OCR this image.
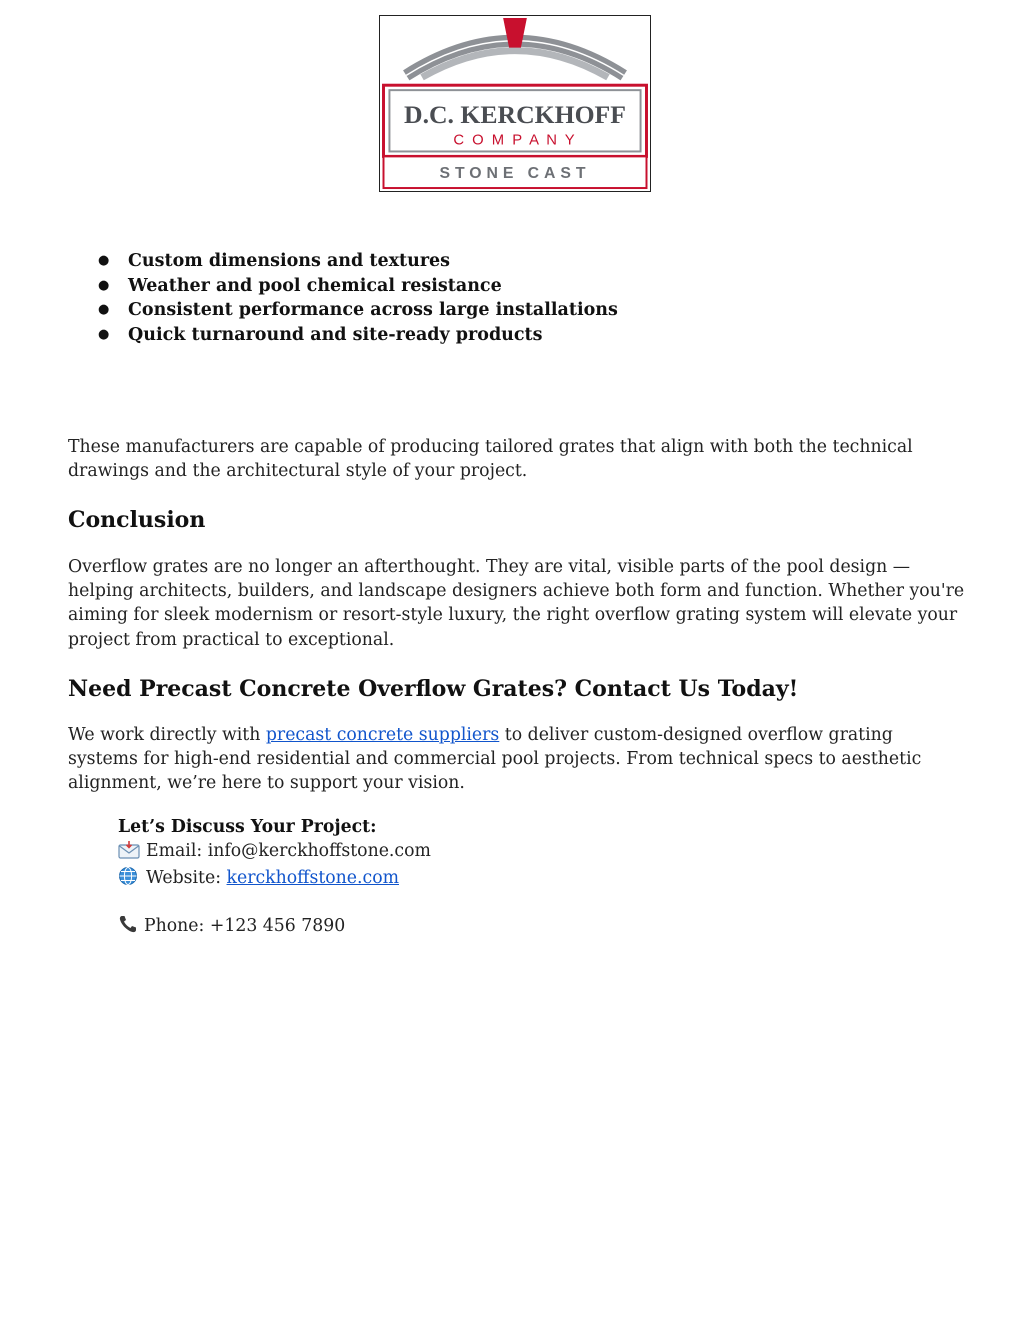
D.C. KERCKHOFF
C O M P A N Y
STONE CAST
● Custom dimensions and textures
● Weather and pool chemical resistance
● Consistent performance across large installations
● Quick turnaround and site-ready products

These manufacturers are capable of producing tailored grates that align with both the technical drawings and the architectural style of your project.

Conclusion

Overflow grates are no longer an afterthought. They are vital, visible parts of the pool design — helping architects, builders, and landscape designers achieve both form and function. Whether you're aiming for sleek modernism or resort-style luxury, the right overflow grating system will elevate your project from practical to exceptional.

Need Precast Concrete Overflow Grates? Contact Us Today!

We work directly with precast concrete suppliers to deliver custom-designed overflow grating systems for high-end residential and commercial pool projects. From technical specs to aesthetic alignment, we’re here to support your vision.

Let’s Discuss Your Project:
Email: info@kerckhoffstone.com
Website: kerckhoffstone.com
Phone: +123 456 7890
